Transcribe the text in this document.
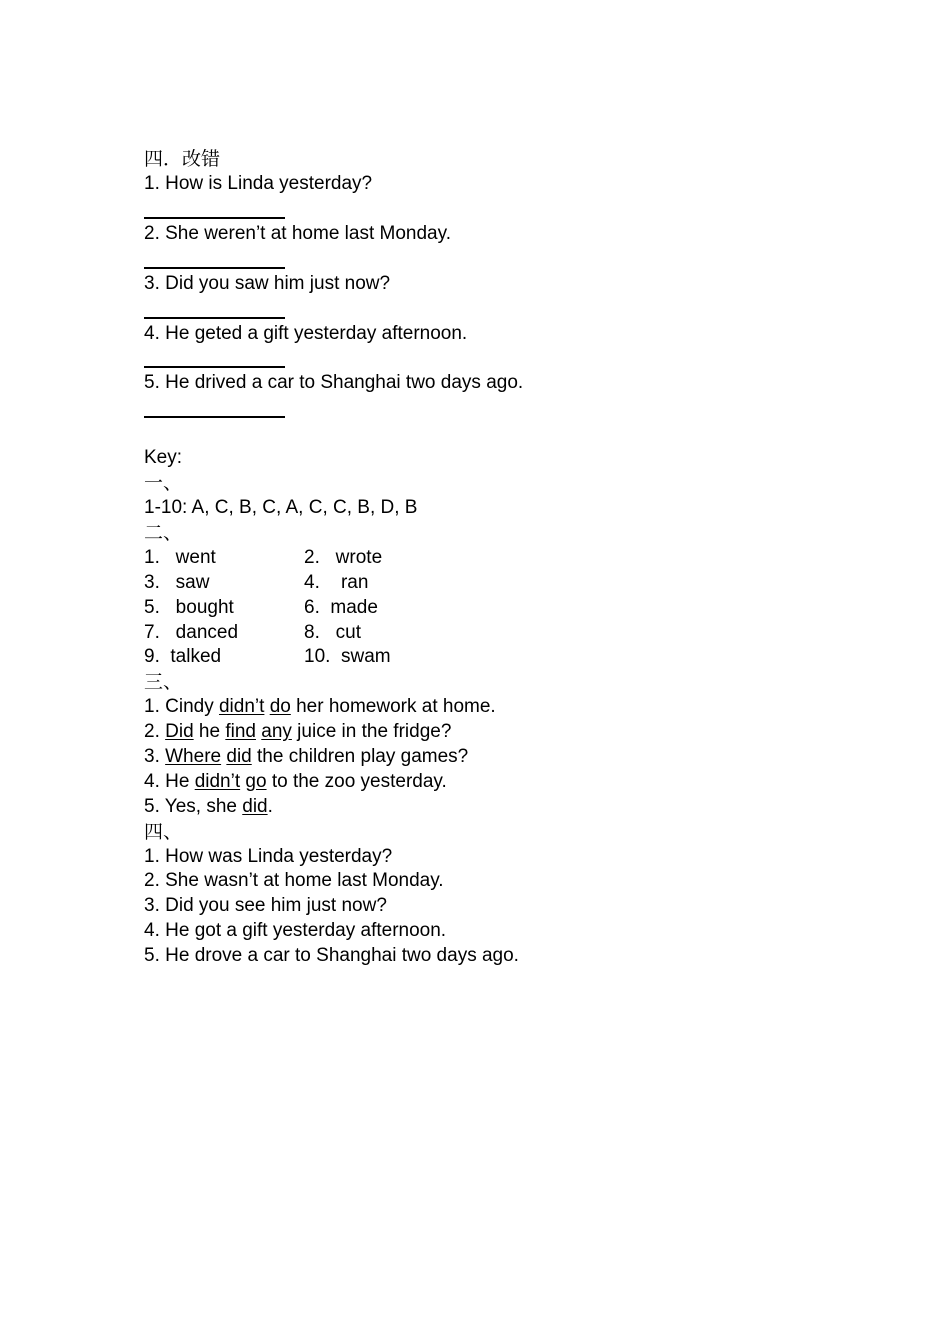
四．改错
1. How is Linda yesterday?
2. She weren’t at home last Monday.
3. Did you saw him just now?
4. He geted a gift yesterday afternoon.
5. He drived a car to Shanghai two days ago.
Key:
一、
1-10: A, C, B, C, A, C, C, B, D, B
二、
1.   went	2.   wrote
3.   saw	4.    ran
5.   bought	6.  made
7.   danced	8.   cut
9.  talked	10.  swam
三、
1. Cindy didn’t do her homework at home.
2. Did he find any juice in the fridge?
3. Where did the children play games?
4. He didn’t go to the zoo yesterday.
5. Yes, she did.
四、
1. How was Linda yesterday?
2. She wasn’t at home last Monday.
3. Did you see him just now?
4. He got a gift yesterday afternoon.
5. He drove a car to Shanghai two days ago.
